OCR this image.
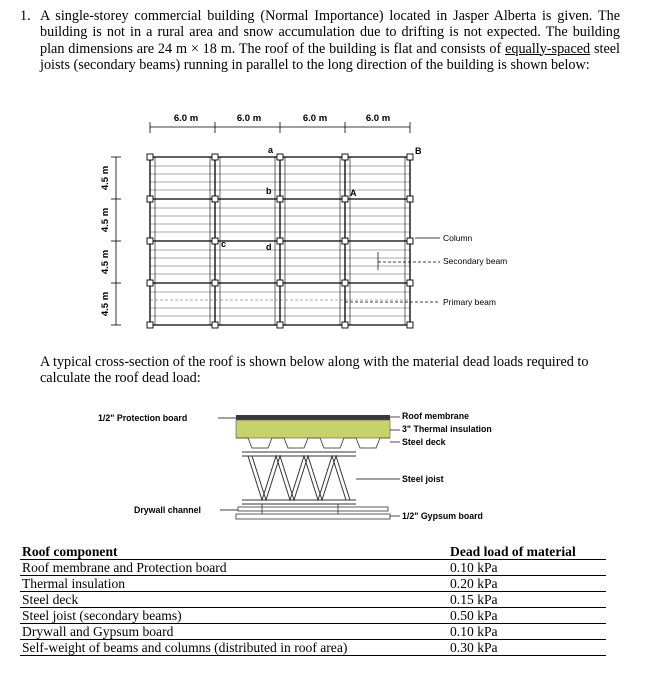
1. A single-storey commercial building (Normal Importance) located in Jasper Alberta is given. The building is not in a rural area and snow accumulation due to drifting is not expected. The building plan dimensions are 24 m × 18 m. The roof of the building is flat and consists of equally-spaced steel joists (secondary beams) running in parallel to the long direction of the building is shown below:
6.0 m	6.0 m	6.0 m	6.0 m
4.5 m
4.5 m
4.5 m
4.5 m
a
b
c	d
A
B
Column
Secondary beam
Primary beam
1/2" Protection board
Drywall channel
Roof membrane
3" Thermal insulation
Steel deck
Steel joist
1/2" Gypsum board
A typical cross-section of the roof is shown below along with the material dead loads required to calculate the roof dead load:
Roof component	Dead load of material
Roof membrane and Protection board	0.10 kPa
Thermal insulation	0.20 kPa
Steel deck	0.15 kPa
Steel joist (secondary beams)	0.50 kPa
Drywall and Gypsum board	0.10 kPa
Self-weight of beams and columns (distributed in roof area)	0.30 kPa
